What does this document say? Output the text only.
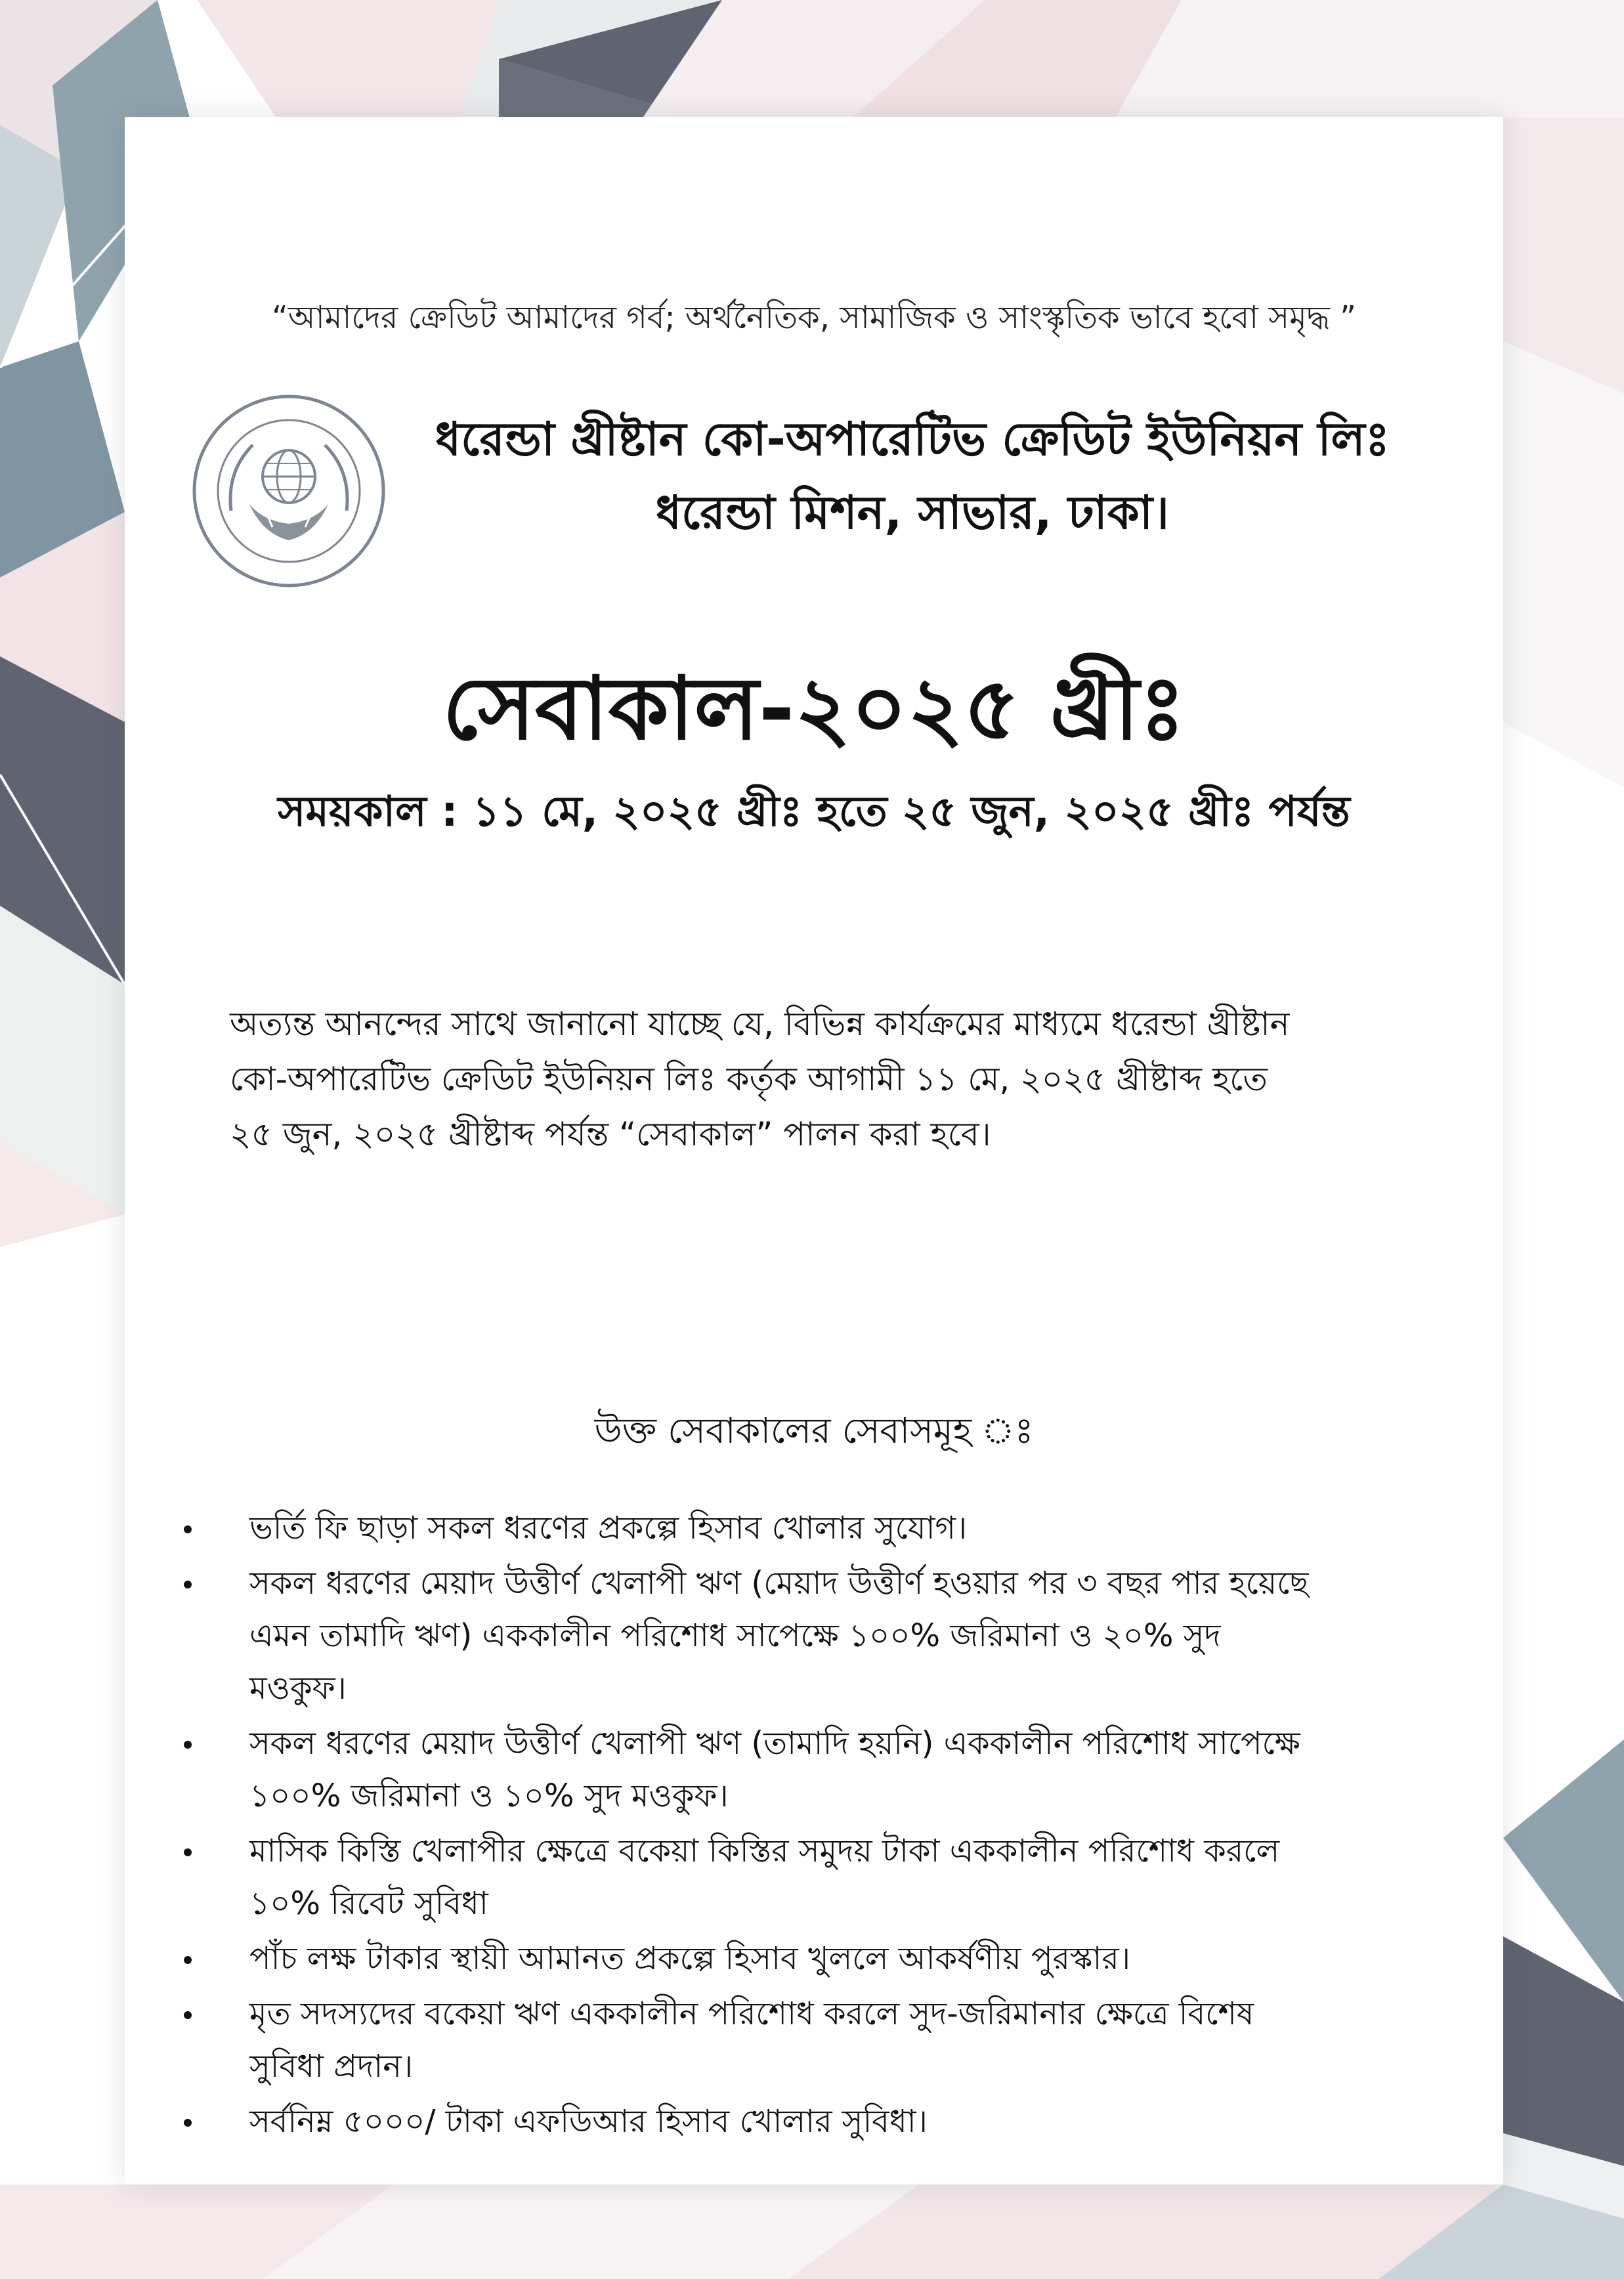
“আমাদের ক্রেডিট আমাদের গর্ব; অর্থনৈতিক, সামাজিক ও সাংস্কৃতিক ভাবে হবো সমৃদ্ধ ”
ধরেন্ডা খ্রীষ্টান কো-অপারেটিভ ক্রেডিট ইউনিয়ন লিঃ
ধরেন্ডা মিশন, সাভার, ঢাকা।
সেবাকাল-২০২৫ খ্রীঃ
সময়কাল : ১১ মে, ২০২৫ খ্রীঃ হতে ২৫ জুন, ২০২৫ খ্রীঃ পর্যন্ত
অত্যন্ত আনন্দের সাথে জানানো যাচ্ছে যে, বিভিন্ন কার্যক্রমের মাধ্যমে ধরেন্ডা খ্রীষ্টান
কো-অপারেটিভ ক্রেডিট ইউনিয়ন লিঃ কর্তৃক আগামী ১১ মে, ২০২৫ খ্রীষ্টাব্দ হতে
২৫ জুন, ২০২৫ খ্রীষ্টাব্দ পর্যন্ত “সেবাকাল” পালন করা হবে।
উক্ত সেবাকালের সেবাসমূহ ঃ
ভর্তি ফি ছাড়া সকল ধরণের প্রকল্পে হিসাব খোলার সুযোগ।
সকল ধরণের মেয়াদ উত্তীর্ণ খেলাপী ঋণ (মেয়াদ উত্তীর্ণ হওয়ার পর ৩ বছর পার হয়েছে
এমন তামাদি ঋণ) এককালীন পরিশোধ সাপেক্ষে ১০০% জরিমানা ও ২০% সুদ
মওকুফ।
সকল ধরণের মেয়াদ উত্তীর্ণ খেলাপী ঋণ (তামাদি হয়নি) এককালীন পরিশোধ সাপেক্ষে
১০০% জরিমানা ও ১০% সুদ মওকুফ।
মাসিক কিস্তি খেলাপীর ক্ষেত্রে বকেয়া কিস্তির সমুদয় টাকা এককালীন পরিশোধ করলে
১০% রিবেট সুবিধা
পাঁচ লক্ষ টাকার স্থায়ী আমানত প্রকল্পে হিসাব খুললে আকর্ষণীয় পুরস্কার।
মৃত সদস্যদের বকেয়া ঋণ এককালীন পরিশোধ করলে সুদ-জরিমানার ক্ষেত্রে বিশেষ
সুবিধা প্রদান।
সর্বনিম্ন ৫০০০/ টাকা এফডিআর হিসাব খোলার সুবিধা।
